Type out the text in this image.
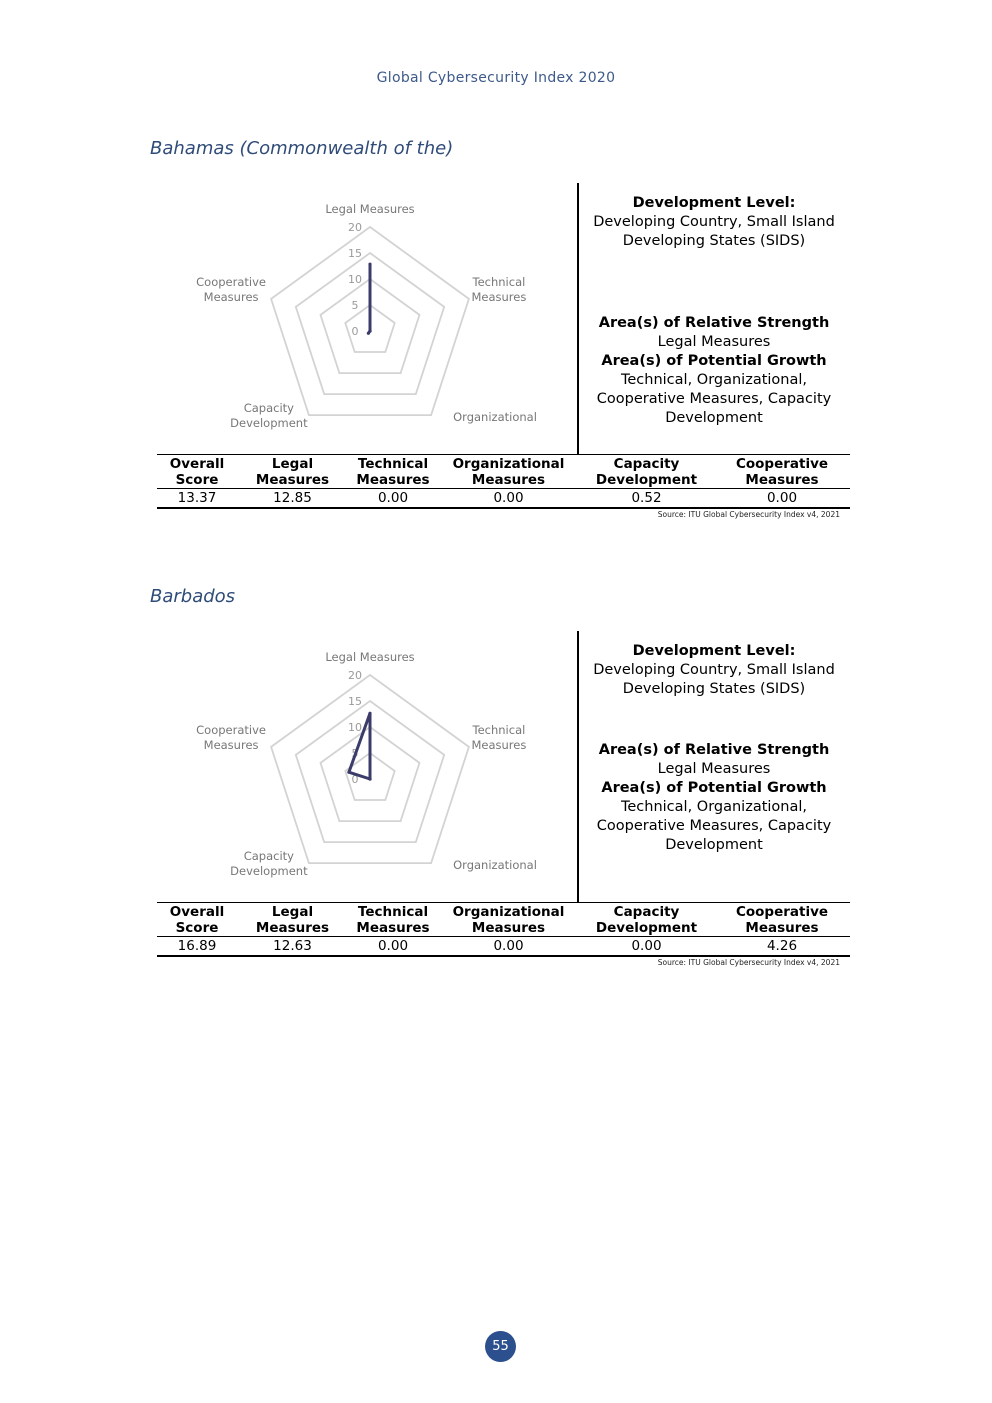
Global Cybersecurity Index 2020
Bahamas (Commonwealth of the)
0
5
10
15
20
Legal Measures
Technical
Measures
Organizational
Capacity
Development
Cooperative
Measures
Development Level:
Developing Country, Small Island
Developing States (SIDS)
Area(s) of Relative Strength
Legal Measures
Area(s) of Potential Growth
Technical, Organizational,
Cooperative Measures, Capacity
Development
Overall Score	Legal Measures	Technical Measures	Organizational Measures	Capacity Development	Cooperative Measures
13.37	12.85	0.00	0.00	0.52	0.00
Source: ITU Global Cybersecurity Index v4, 2021
Barbados
0
5
10
15
20
Legal Measures
Technical
Measures
Organizational
Capacity
Development
Cooperative
Measures
Development Level:
Developing Country, Small Island
Developing States (SIDS)
Area(s) of Relative Strength
Legal Measures
Area(s) of Potential Growth
Technical, Organizational,
Cooperative Measures, Capacity
Development
Overall Score	Legal Measures	Technical Measures	Organizational Measures	Capacity Development	Cooperative Measures
16.89	12.63	0.00	0.00	0.00	4.26
Source: ITU Global Cybersecurity Index v4, 2021
55
